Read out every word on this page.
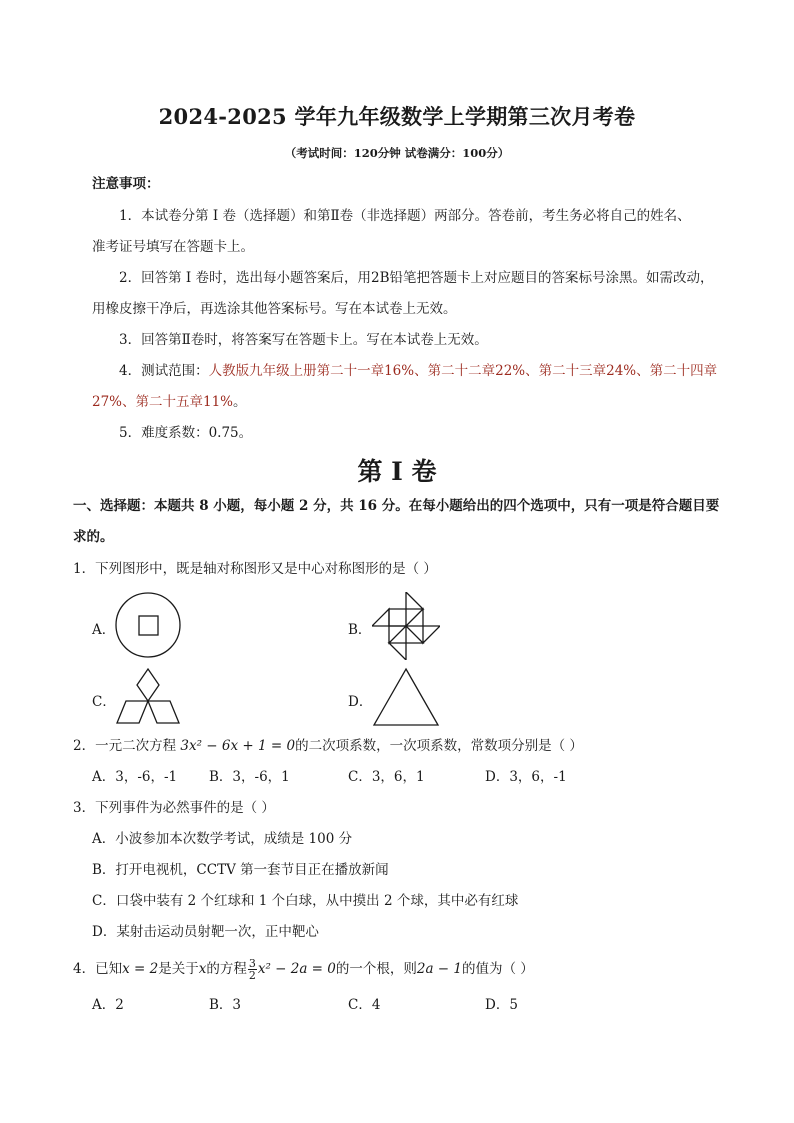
2024-2025 学年九年级数学上学期第三次月考卷
（考试时间：120分钟 试卷满分：100分）
注意事项：
1．本试卷分第 I 卷（选择题）和第Ⅱ卷（非选择题）两部分。答卷前，考生务必将自己的姓名、
准考证号填写在答题卡上。
2．回答第 I 卷时，选出每小题答案后，用2B铅笔把答题卡上对应题目的答案标号涂黑。如需改动，
用橡皮擦干净后，再选涂其他答案标号。写在本试卷上无效。
3．回答第Ⅱ卷时，将答案写在答题卡上。写在本试卷上无效。
4．测试范围：人教版九年级上册第二十一章16%、第二十二章22%、第二十三章24%、第二十四章
27%、第二十五章11%。
5．难度系数：0.75。
第 I 卷
一、选择题：本题共 8 小题，每小题 2 分，共 16 分。在每小题给出的四个选项中，只有一项是符合题目要
求的。
1．下列图形中，既是轴对称图形又是中心对称图形的是（ ）
A．	B．
C．	D．
2．一元二次方程 3x² − 6x + 1 = 0的二次项系数，一次项系数，常数项分别是（ ）
A．3，-6，-1 B．3，-6，1	C．3，6，1	D．3，6，-1
3．下列事件为必然事件的是（ ）
A．小波参加本次数学考试，成绩是 100 分
B．打开电视机，CCTV 第一套节目正在播放新闻
C．口袋中装有 2 个红球和 1 个白球，从中摸出 2 个球，其中必有红球
D．某射击运动员射靶一次，正中靶心
4．已知x = 2是关于x的方程 $\frac{3}{2} x^2 - 2a = 0$的一个根，则2a − 1的值为（ ）
A．2	B．3	C．4	D．5
